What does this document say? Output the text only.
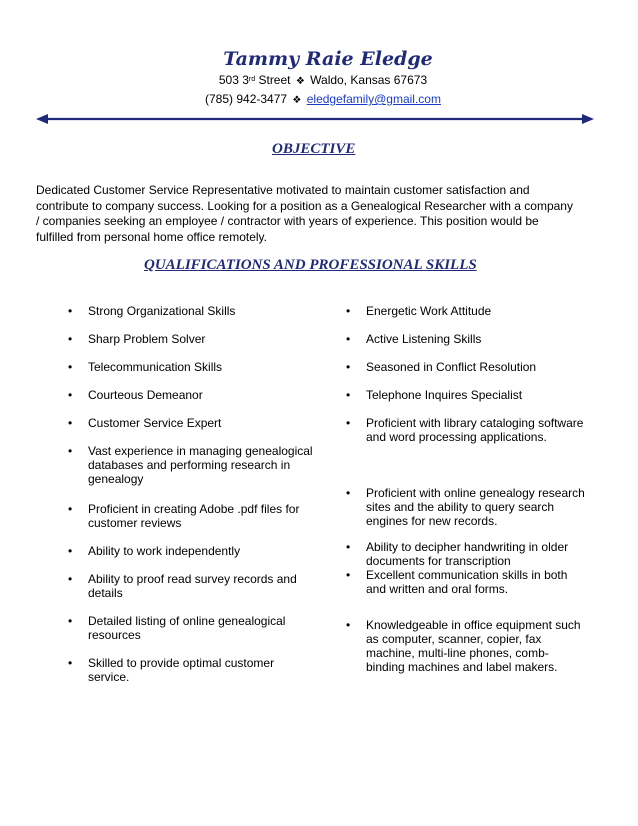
Tammy Raie Eledge
503 3rd Street ❖ Waldo, Kansas 67673
(785) 942-3477 ❖ eledgefamily@gmail.com
OBJECTIVE
Dedicated Customer Service Representative motivated to maintain customer satisfaction and contribute to company success. Looking for a position as a Genealogical Researcher with a company / companies seeking an employee / contractor with years of experience. This position would be fulfilled from personal home office remotely.
QUALIFICATIONS AND PROFESSIONAL SKILLS
• Strong Organizational Skills
• Sharp Problem Solver
• Telecommunication Skills
• Courteous Demeanor
• Customer Service Expert
• Vast experience in managing genealogical databases and performing research in genealogy
• Proficient in creating Adobe .pdf files for customer reviews
• Ability to work independently
• Ability to proof read survey records and details
• Detailed listing of online genealogical resources
• Skilled to provide optimal customer service.
• Energetic Work Attitude
• Active Listening Skills
• Seasoned in Conflict Resolution
• Telephone Inquires Specialist
• Proficient with library cataloging software and word processing applications.
• Proficient with online genealogy research sites and the ability to query search engines for new records.
• Ability to decipher handwriting in older documents for transcription
• Excellent communication skills in both and written and oral forms.
• Knowledgeable in office equipment such as computer, scanner, copier, fax machine, multi-line phones, comb-binding machines and label makers.
